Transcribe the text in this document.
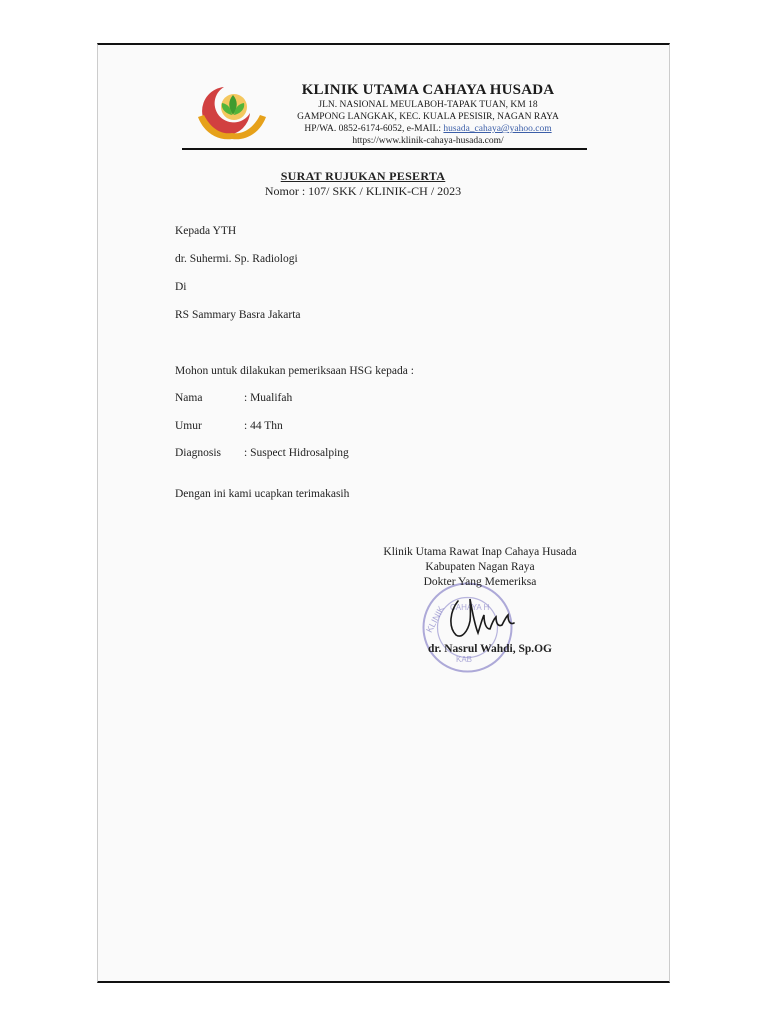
KLINIK UTAMA CAHAYA HUSADA
JLN. NASIONAL MEULABOH-TAPAK TUAN, KM 18
GAMPONG LANGKAK, KEC. KUALA PESISIR, NAGAN RAYA
HP/WA. 0852-6174-6052, e-MAIL: husada_cahaya@yahoo.com
https://www.klinik-cahaya-husada.com/
SURAT RUJUKAN PESERTA
Nomor : 107/ SKK / KLINIK-CH / 2023
Kepada YTH
dr. Suhermi. Sp. Radiologi
Di
RS Sammary Basra Jakarta
Mohon untuk dilakukan pemeriksaan HSG kepada :
Nama	: Mualifah
Umur	: 44 Thn
Diagnosis : Suspect Hidrosalping
Dengan ini kami ucapkan terimakasih
KLINIK CAHAYA H
KAB
Klinik Utama Rawat Inap Cahaya Husada
Kabupaten Nagan Raya
Dokter Yang Memeriksa
dr. Nasrul Wahdi, Sp.OG
